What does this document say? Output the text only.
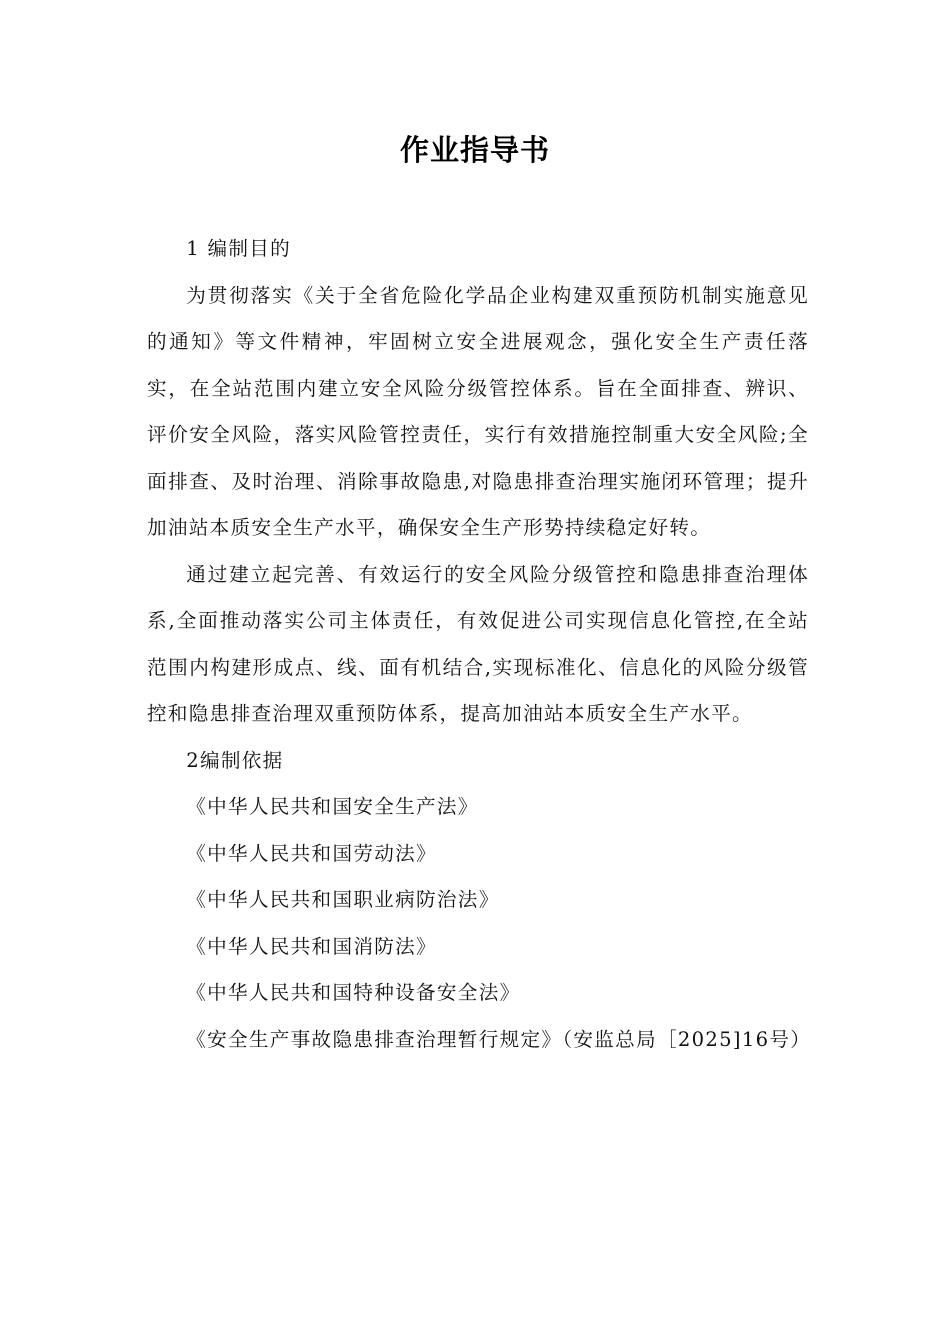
作业指导书

1 编制目的

为贯彻落实《关于全省危险化学品企业构建双重预防机制实施意见的通知》等文件精神，牢固树立安全进展观念，强化安全生产责任落实，在全站范围内建立安全风险分级管控体系。旨在全面排查、辨识、评价安全风险，落实风险管控责任，实行有效措施控制重大安全风险;全面排查、及时治理、消除事故隐患,对隐患排查治理实施闭环管理；提升加油站本质安全生产水平，确保安全生产形势持续稳定好转。

通过建立起完善、有效运行的安全风险分级管控和隐患排查治理体系,全面推动落实公司主体责任，有效促进公司实现信息化管控,在全站范围内构建形成点、线、面有机结合,实现标准化、信息化的风险分级管控和隐患排查治理双重预防体系，提高加油站本质安全生产水平。

2编制依据

《中华人民共和国安全生产法》

《中华人民共和国劳动法》

《中华人民共和国职业病防治法》

《中华人民共和国消防法》

《中华人民共和国特种设备安全法》

《安全生产事故隐患排查治理暂行规定》（安监总局［2025]16号）
